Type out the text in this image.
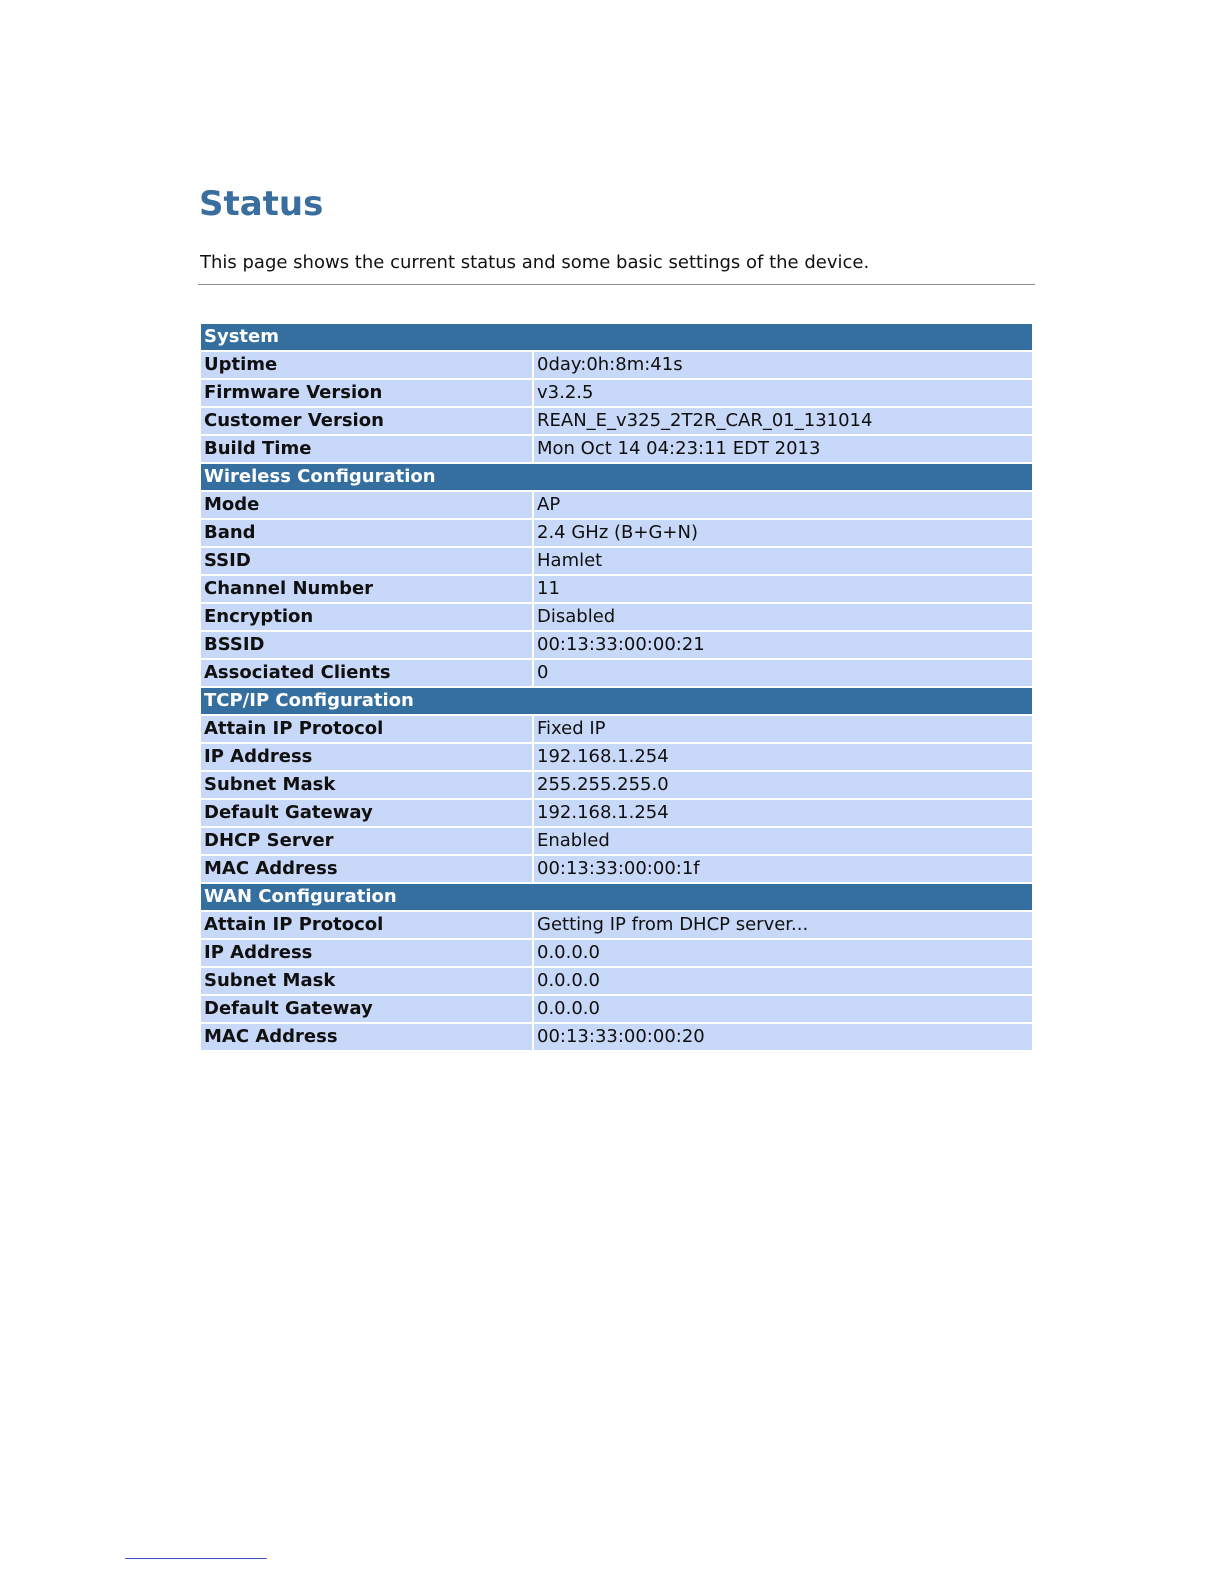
Status

This page shows the current status and some basic settings of the device.

System	
Uptime	0day:0h:8m:41s
Firmware Version	v3.2.5
Customer Version	REAN_E_v325_2T2R_CAR_01_131014
Build Time	Mon Oct 14 04:23:11 EDT 2013
Wireless Configuration	
Mode	AP
Band	2.4 GHz (B+G+N)
SSID	Hamlet
Channel Number	11
Encryption	Disabled
BSSID	00:13:33:00:00:21
Associated Clients	0
TCP/IP Configuration	
Attain IP Protocol	Fixed IP
IP Address	192.168.1.254
Subnet Mask	255.255.255.0
Default Gateway	192.168.1.254
DHCP Server	Enabled
MAC Address	00:13:33:00:00:1f
WAN Configuration	
Attain IP Protocol	Getting IP from DHCP server...
IP Address	0.0.0.0
Subnet Mask	0.0.0.0
Default Gateway	0.0.0.0
MAC Address	00:13:33:00:00:20
